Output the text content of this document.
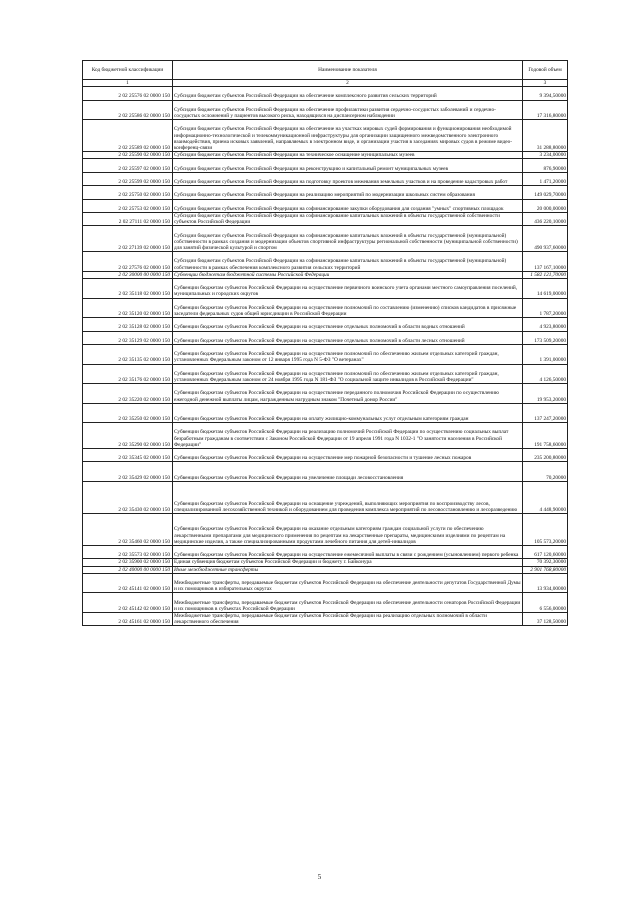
Код бюджетной классификации	Наименование показателя	Годовой объем
1	2	3
2 02 25576 02 0000 150	Субсидии бюджетам субъектов Российской Федерации на обеспечение комплексного развития сельских территорий	9 394,50000
2 02 25586 02 0000 150	Субсидии бюджетам субъектов Российской Федерации на обеспечение профилактики развития сердечно-сосудистых заболеваний и сердечно-сосудистых осложнений у пациентов высокого риска, находящихся на диспансерном наблюдении	17 316,80000
2 02 25589 02 0000 150	Субсидии бюджетам субъектов Российской Федерации на обеспечение на участках мировых судей формирования и функционирования необходимой информационно-технологической и телекоммуникационной инфраструктуры для организации защищенного межведомственного электронного взаимодействия, приема исковых заявлений, направляемых в электронном виде, и организации участия в заседаниях мировых судов в режиме видео-конференц-связи	31 288,80000
2 02 25590 02 0000 150	Субсидии бюджетам субъектов Российской Федерации на техническое оснащение муниципальных музеев	3 234,00000
2 02 25597 02 0000 150	Субсидии бюджетам субъектов Российской Федерации на реконструкцию и капитальный ремонт муниципальных музеев	876,90000
2 02 25599 02 0000 150	Субсидии бюджетам субъектов Российской Федерации на подготовку проектов межевания земельных участков и на проведение кадастровых работ	1 471,20000
2 02 25750 02 0000 150	Субсидии бюджетам субъектов Российской Федерации на реализацию мероприятий по модернизации школьных систем образования	149 029,70000
2 02 25753 02 0000 150	Субсидии бюджетам субъектов Российской Федерации на софинансирование закупки оборудования для создания "умных" спортивных площадок	20 000,00000
2 02 27111 02 0000 150	Субсидии бюджетам субъектов Российской Федерации на софинансирование капитальных вложений в объекты государственной собственности субъектов Российской Федерации	436 220,10000
2 02 27139 02 0000 150	Субсидии бюджетам субъектов Российской Федерации на софинансирование капитальных вложений в объекты государственной (муниципальной) собственности в рамках создания и модернизации объектов спортивной инфраструктуры региональной собственности (муниципальной собственности) для занятий физической культурой и спортом	490 937,60000
2 02 27576 02 0000 150	Субсидии бюджетам субъектов Российской Федерации на софинансирование капитальных вложений в объекты государственной (муниципальной) собственности в рамках обеспечения комплексного развития сельских территорий	137 167,10000
2 02 30000 00 0000 150	Субвенции бюджетам бюджетной системы Российской Федерации	1 582 121,70000
2 02 35118 02 0000 150	Субвенции бюджетам субъектов Российской Федерации на осуществление первичного воинского учета органами местного самоуправления поселений, муниципальных и городских округов	14 619,00000
2 02 35120 02 0000 150	Субвенции бюджетам субъектов Российской Федерации на осуществление полномочий по составлению (изменению) списков кандидатов в присяжные заседатели федеральных судов общей юрисдикции в Российской Федерации	1 787,20000
2 02 35128 02 0000 150	Субвенции бюджетам субъектов Российской Федерации на осуществление отдельных полномочий в области водных отношений	4 923,80000
2 02 35129 02 0000 150	Субвенции бюджетам субъектов Российской Федерации на осуществление отдельных полномочий в области лесных отношений	173 509,20000
2 02 35135 02 0000 150	Субвенции бюджетам субъектов Российской Федерации на осуществление полномочий по обеспечению жильем отдельных категорий граждан, установленных Федеральным законом от 12 января 1995 года N 5-ФЗ "О ветеранах"	1 391,00000
2 02 35176 02 0000 150	Субвенции бюджетам субъектов Российской Федерации на осуществление полномочий по обеспечению жильем отдельных категорий граждан, установленных Федеральным законом от 24 ноября 1995 года N 181-ФЗ "О социальной защите инвалидов в Российской Федерации"	4 126,50000
2 02 35220 02 0000 150	Субвенции бюджетам субъектов Российской Федерации на осуществление переданного полномочия Российской Федерации по осуществлению ежегодной денежной выплаты лицам, награжденным нагрудным знаком "Почетный донор России"	19 953,20000
2 02 35250 02 0000 150	Субвенции бюджетам субъектов Российской Федерации на оплату жилищно-коммунальных услуг отдельным категориям граждан	137 247,20000
2 02 35290 02 0000 150	Субвенции бюджетам субъектов Российской Федерации на реализацию полномочий Российской Федерации по осуществлению социальных выплат безработным гражданам в соответствии с Законом Российской Федерации от 19 апреля 1991 года N 1032-1 "О занятости населения в Российской Федерации"	191 758,60000
2 02 35345 02 0000 150	Субвенции бюджетам субъектов Российской Федерации на осуществление мер пожарной безопасности и тушение лесных пожаров	235 200,80000
2 02 35429 02 0000 150	Субвенции бюджетам субъектов Российской Федерации на увеличение площади лесовосстановления	70,20000
2 02 35430 02 0000 150	Субвенции бюджетам субъектов Российской Федерации на оснащение учреждений, выполняющих мероприятия по воспроизводству лесов, специализированной лесохозяйственной техникой и оборудованием для проведения комплекса мероприятий по лесовосстановлению и лесоразведению	4 448,90000
2 02 35460 02 0000 150	Субвенции бюджетам субъектов Российской Федерации на оказание отдельным категориям граждан социальной услуги по обеспечению лекарственными препаратами для медицинского применения по рецептам на лекарственные препараты, медицинскими изделиями по рецептам на медицинские изделия, а также специализированными продуктами лечебного питания для детей-инвалидов	105 573,20000
2 02 35573 02 0000 150	Субвенции бюджетам субъектов Российской Федерации на осуществление ежемесячной выплаты в связи с рождением (усыновлением) первого ребенка	617 120,60000
2 02 35900 02 0000 150	Единая субвенция бюджетам субъектов Российской Федерации и бюджету г. Байконура	70 392,30000
2 02 40000 00 0000 150	Иные межбюджетные трансферты	2 901 768,80000
2 02 45141 02 0000 150	Межбюджетные трансферты, передаваемые бюджетам субъектов Российской Федерации на обеспечение деятельности депутатов Государственной Думы и их помощников в избирательных округах	13 934,00000
2 02 45142 02 0000 150	Межбюджетные трансферты, передаваемые бюджетам субъектов Российской Федерации на обеспечение деятельности сенаторов Российской Федерации и их помощников в субъектах Российской Федерации	6 556,00000
2 02 45161 02 0000 150	Межбюджетные трансферты, передаваемые бюджетам субъектов Российской Федерации на реализацию отдельных полномочий в области лекарственного обеспечения	37 128,50000
5
